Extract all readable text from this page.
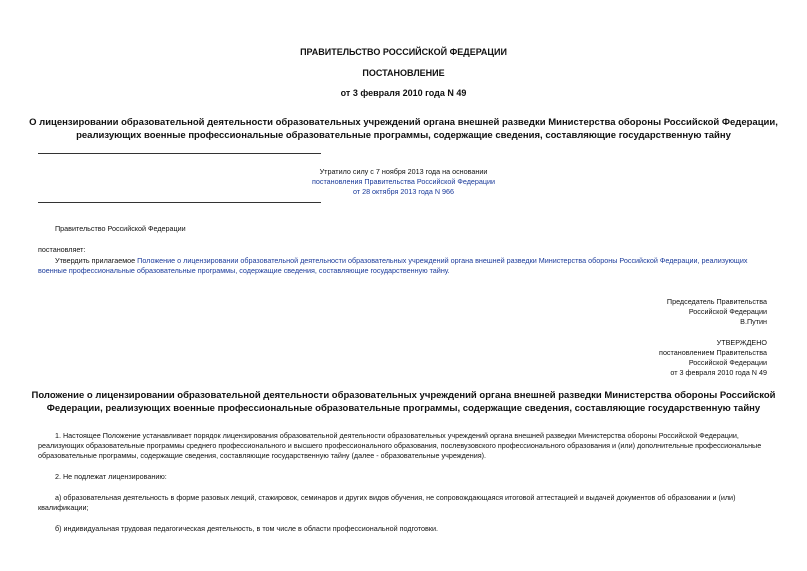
ПРАВИТЕЛЬСТВО РОССИЙСКОЙ ФЕДЕРАЦИИ
ПОСТАНОВЛЕНИЕ
от 3 февраля 2010 года N 49
О лицензировании образовательной деятельности образовательных учреждений органа внешней разведки Министерства обороны Российской Федерации,
реализующих военные профессиональные образовательные программы, содержащие сведения, составляющие государственную тайну
Утратило силу с 7 ноября 2013 года на основании
постановления Правительства Российской Федерации
от 28 октября 2013 года N 966
Правительство Российской Федерации
постановляет:
Утвердить прилагаемое Положение о лицензировании образовательной деятельности образовательных учреждений органа внешней разведки Министерства обороны Российской Федерации, реализующих
военные профессиональные образовательные программы, содержащие сведения, составляющие государственную тайну.
Председатель Правительства
Российской Федерации
В.Путин
УТВЕРЖДЕНО
постановлением Правительства
Российской Федерации
от 3 февраля 2010 года N 49
Положение о лицензировании образовательной деятельности образовательных учреждений органа внешней разведки Министерства обороны Российской
Федерации, реализующих военные профессиональные образовательные программы, содержащие сведения, составляющие государственную тайну
1. Настоящее Положение устанавливает порядок лицензирования образовательной деятельности образовательных учреждений органа внешней разведки Министерства обороны Российской Федерации,
реализующих образовательные программы среднего профессионального и высшего профессионального образования, послевузовского профессионального образования и (или) дополнительные профессиональные
образовательные программы, содержащие сведения, составляющие государственную тайну (далее - образовательные учреждения).
2. Не подлежат лицензированию:
а) образовательная деятельность в форме разовых лекций, стажировок, семинаров и других видов обучения, не сопровождающаяся итоговой аттестацией и выдачей документов об образовании и (или)
квалификации;
б) индивидуальная трудовая педагогическая деятельность, в том числе в области профессиональной подготовки.
